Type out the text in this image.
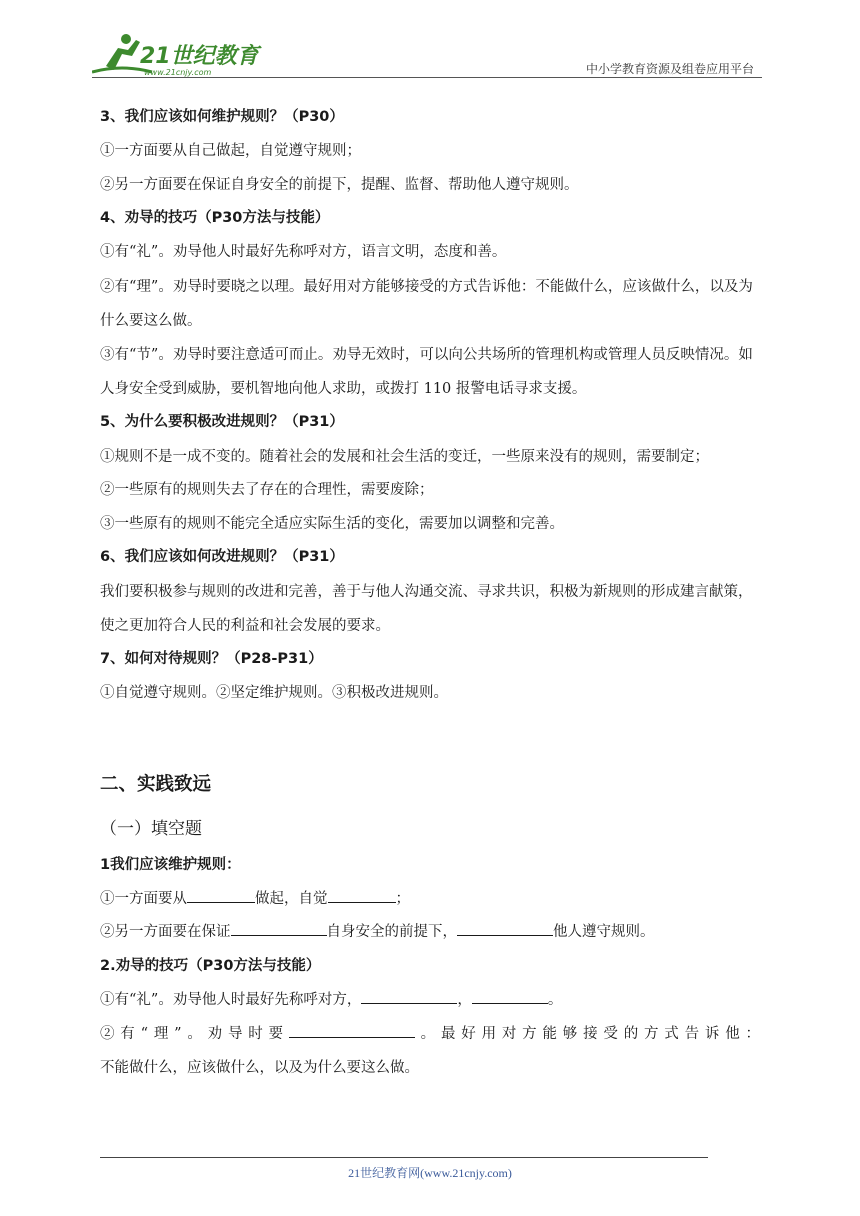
21世纪教育
www.21cnjy.com	中小学教育资源及组卷应用平台
3、我们应该如何维护规则？（P30）
①一方面要从自己做起，自觉遵守规则；
②另一方面要在保证自身安全的前提下，提醒、监督、帮助他人遵守规则。
4、劝导的技巧（P30方法与技能）
①有“礼”。劝导他人时最好先称呼对方，语言文明，态度和善。
②有“理”。劝导时要晓之以理。最好用对方能够接受的方式告诉他：不能做什么，应该做什么，以及为什么要这么做。
③有“节”。劝导时要注意适可而止。劝导无效时，可以向公共场所的管理机构或管理人员反映情况。如人身安全受到威胁，要机智地向他人求助，或拨打 110 报警电话寻求支援。
5、为什么要积极改进规则？（P31）
①规则不是一成不变的。随着社会的发展和社会生活的变迁，一些原来没有的规则，需要制定；
②一些原有的规则失去了存在的合理性，需要废除；
③一些原有的规则不能完全适应实际生活的变化，需要加以调整和完善。
6、我们应该如何改进规则？（P31）
我们要积极参与规则的改进和完善，善于与他人沟通交流、寻求共识，积极为新规则的形成建言献策，使之更加符合人民的利益和社会发展的要求。
7、如何对待规则？（P28-P31）
①自觉遵守规则。②坚定维护规则。③积极改进规则。
二、实践致远
（一）填空题
1我们应该维护规则：
①一方面要从	做起，自觉	；
②另一方面要在保证	自身安全的前提下，	他人遵守规则。
2.劝导的技巧（P30方法与技能）
①有“礼”。劝导他人时最好先称呼对方，	，	。
②有“理”。劝导时要	。最好用对方能够接受的方式告诉他：
不能做什么，应该做什么，以及为什么要这么做。
21世纪教育网(www.21cnjy.com)
